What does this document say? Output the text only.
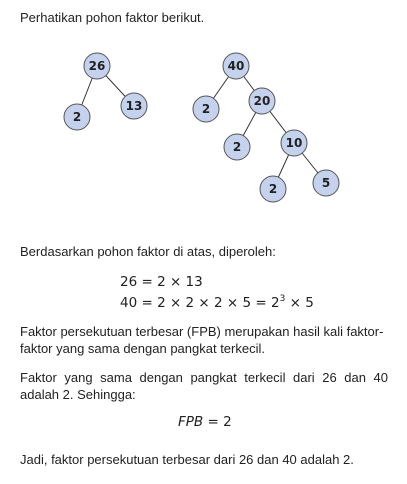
Perhatikan pohon faktor berikut.

26
2
13
40
2
20
2	10
2	5

Berdasarkan pohon faktor di atas, diperoleh:

26 = 2 × 13
$40 = 2 \times 2 \times 2 \times 5 = 2^3 \times 5$

Faktor persekutuan terbesar (FPB) merupakan hasil kali faktor-faktor yang sama dengan pangkat terkecil.

Faktor yang sama dengan pangkat terkecil dari 26 dan 40 adalah 2. Sehingga:

FPB = 2

Jadi, faktor persekutuan terbesar dari 26 dan 40 adalah 2.
